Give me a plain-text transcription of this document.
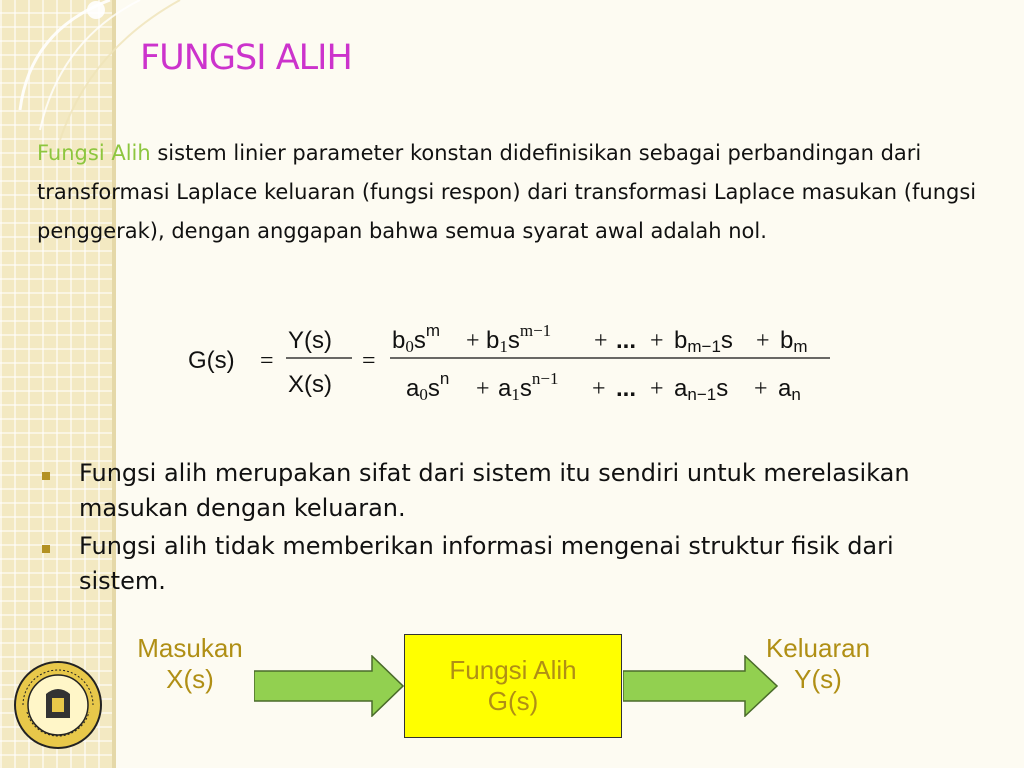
FUNGSI ALIH

Fungsi Alih sistem linier parameter konstan didefinisikan sebagai perbandingan dari transformasi Laplace keluaran (fungsi respon) dari transformasi Laplace masukan (fungsi penggerak), dengan anggapan bahwa semua syarat awal adalah nol.

G(s) =
Y(s)
X(s)
=
$b0s^m + b1s^{m-1}$ + ... + bm−1s + bm
$a0s^n + a1s^{n-1}$ + ... + an−1s + an
Fungsi alih merupakan sifat dari sistem itu sendiri untuk merelasikan masukan dengan keluaran.
Fungsi alih tidak memberikan informasi mengenai struktur fisik dari sistem.
Masukan
X(s)	Fungsi Alih
G(s)
Keluaran
Y(s)
